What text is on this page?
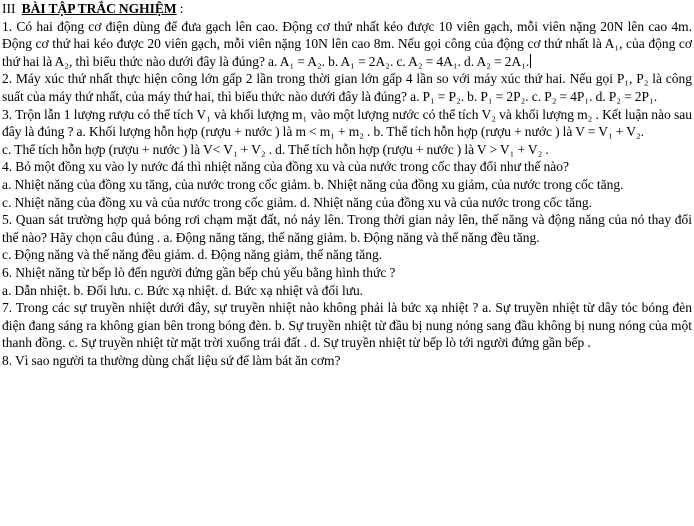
III BÀI TẬP TRẮC NGHIỆM :

1. Có hai động cơ điện dùng để đưa gạch lên cao. Động cơ thứ nhất kéo được 10 viên gạch, mỗi viên nặng 20N lên cao 4m. Động cơ thứ hai kéo được 20 viên gạch, mỗi viên nặng 10N lên cao 8m. Nếu gọi công của động cơ thứ nhất là A₁, của động cơ thứ hai là A₂, thì biểu thức nào dưới đây là đúng? a. A₁ = A₂. b. A₁ = 2A₂. c. A₂ = 4A₁. d. A₂ = 2A₁.

2. Máy xúc thứ nhất thực hiện công lớn gấp 2 lần trong thời gian lớn gấp 4 lần so với máy xúc thứ hai. Nếu gọi P₁, P₂ là công suất của máy thứ nhất, của máy thứ hai, thì biểu thức nào dưới đây là đúng? a. P₁ = P₂. b. P₁ = 2P₂. c. P₂ = 4P₁. d. P₂ = 2P₁.

3. Trộn lẫn 1 lượng rượu có thể tích V₁ và khối lượng m₁ vào một lượng nước có thể tích V₂ và khối lượng m₂ . Kết luận nào sau đây là đúng ? a. Khối lượng hỗn hợp (rượu + nước ) là m < m₁ + m₂ . b. Thể tích hỗn hợp (rượu + nước ) là V = V₁ + V₂.

c. Thể tích hỗn hợp (rượu + nước ) là V< V₁ + V₂ . d. Thể tích hỗn hợp (rượu + nước ) là V > V₁ + V₂ .

4. Bỏ một đồng xu vào ly nước đá thì nhiệt năng của đồng xu và của nước trong cốc thay đổi như thế nào?

a. Nhiệt năng của đồng xu tăng, của nước trong cốc giảm. b. Nhiệt năng của đồng xu giảm, của nước trong cốc tăng.

c. Nhiệt năng của đồng xu và của nước trong cốc giảm. d. Nhiệt năng của đồng xu và của nước trong cốc tăng.

5. Quan sát trường hợp quả bóng rơi chạm mặt đất, nó nảy lên. Trong thời gian nảy lên, thế năng và động năng của nó thay đổi thế nào? Hãy chọn câu đúng . a. Động năng tăng, thế năng giảm. b. Động năng và thế năng đều tăng.

c. Động năng và thế năng đều giảm. d. Động năng giảm, thế năng tăng.

6. Nhiệt năng từ bếp lò đến người đứng gần bếp chủ yếu bằng hình thức ?

a. Dẫn nhiệt. b. Đối lưu. c. Bức xạ nhiệt. d. Bức xạ nhiệt và đối lưu.

7. Trong các sự truyền nhiệt dưới đây, sự truyền nhiệt nào không phải là bức xạ nhiệt ? a. Sự truyền nhiệt từ dây tóc bóng đèn điện đang sáng ra không gian bên trong bóng đèn. b. Sự truyền nhiệt từ đầu bị nung nóng sang đầu không bị nung nóng của một thanh đồng. c. Sự truyền nhiệt từ mặt trời xuống trái đất . d. Sự truyền nhiệt từ bếp lò tới người đứng gần bếp .

8. Vì sao người ta thường dùng chất liệu sứ để làm bát ăn cơm?
